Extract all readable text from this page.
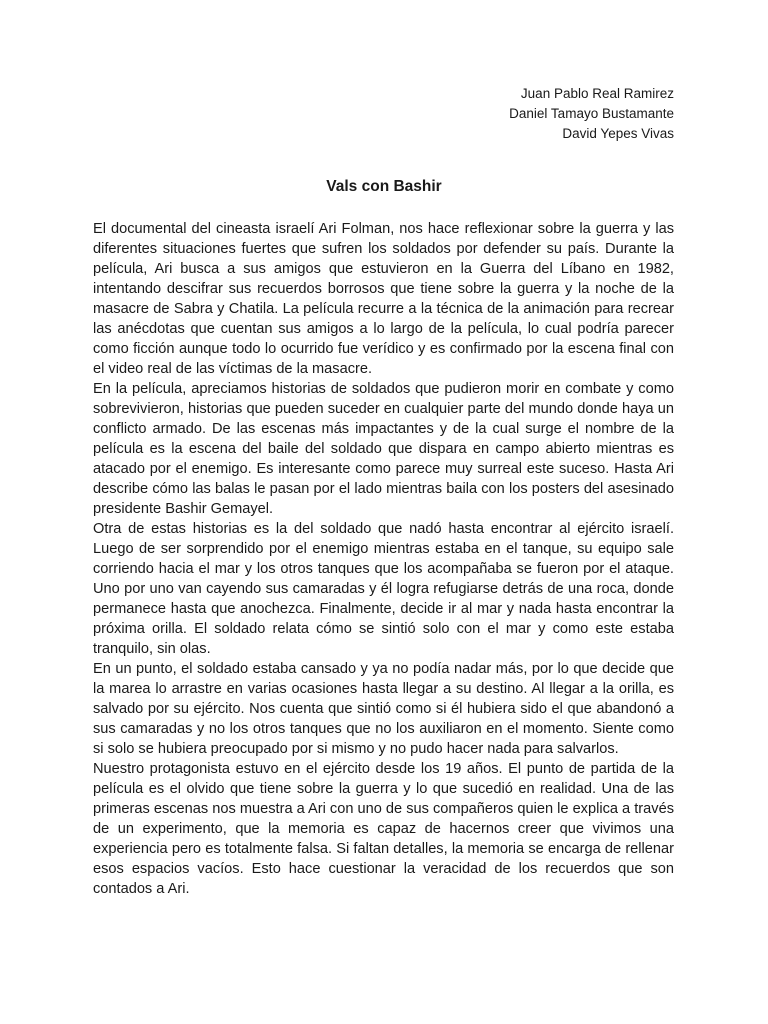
Juan Pablo Real Ramirez
Daniel Tamayo Bustamante
David Yepes Vivas
Vals con Bashir

El documental del cineasta israelí Ari Folman, nos hace reflexionar sobre la guerra y las diferentes situaciones fuertes que sufren los soldados por defender su país. Durante la película, Ari busca a sus amigos que estuvieron en la Guerra del Líbano en 1982, intentando descifrar sus recuerdos borrosos que tiene sobre la guerra y la noche de la masacre de Sabra y Chatila. La película recurre a la técnica de la animación para recrear las anécdotas que cuentan sus amigos a lo largo de la película, lo cual podría parecer como ficción aunque todo lo ocurrido fue verídico y es confirmado por la escena final con el video real de las víctimas de la masacre.

En la película, apreciamos historias de soldados que pudieron morir en combate y como sobrevivieron, historias que pueden suceder en cualquier parte del mundo donde haya un conflicto armado. De las escenas más impactantes y de la cual surge el nombre de la película es la escena del baile del soldado que dispara en campo abierto mientras es atacado por el enemigo. Es interesante como parece muy surreal este suceso. Hasta Ari describe cómo las balas le pasan por el lado mientras baila con los posters del asesinado presidente Bashir Gemayel.

Otra de estas historias es la del soldado que nadó hasta encontrar al ejército israelí. Luego de ser sorprendido por el enemigo mientras estaba en el tanque, su equipo sale corriendo hacia el mar y los otros tanques que los acompañaba se fueron por el ataque. Uno por uno van cayendo sus camaradas y él logra refugiarse detrás de una roca, donde permanece hasta que anochezca. Finalmente, decide ir al mar y nada hasta encontrar la próxima orilla. El soldado relata cómo se sintió solo con el mar y como este estaba tranquilo, sin olas.

En un punto, el soldado estaba cansado y ya no podía nadar más, por lo que decide que la marea lo arrastre en varias ocasiones hasta llegar a su destino. Al llegar a la orilla, es salvado por su ejército. Nos cuenta que sintió como si él hubiera sido el que abandonó a sus camaradas y no los otros tanques que no los auxiliaron en el momento. Siente como si solo se hubiera preocupado por si mismo y no pudo hacer nada para salvarlos.

Nuestro protagonista estuvo en el ejército desde los 19 años. El punto de partida de la película es el olvido que tiene sobre la guerra y lo que sucedió en realidad. Una de las primeras escenas nos muestra a Ari con uno de sus compañeros quien le explica a través de un experimento, que la memoria es capaz de hacernos creer que vivimos una experiencia pero es totalmente falsa. Si faltan detalles, la memoria se encarga de rellenar esos espacios vacíos. Esto hace cuestionar la veracidad de los recuerdos que son contados a Ari.
